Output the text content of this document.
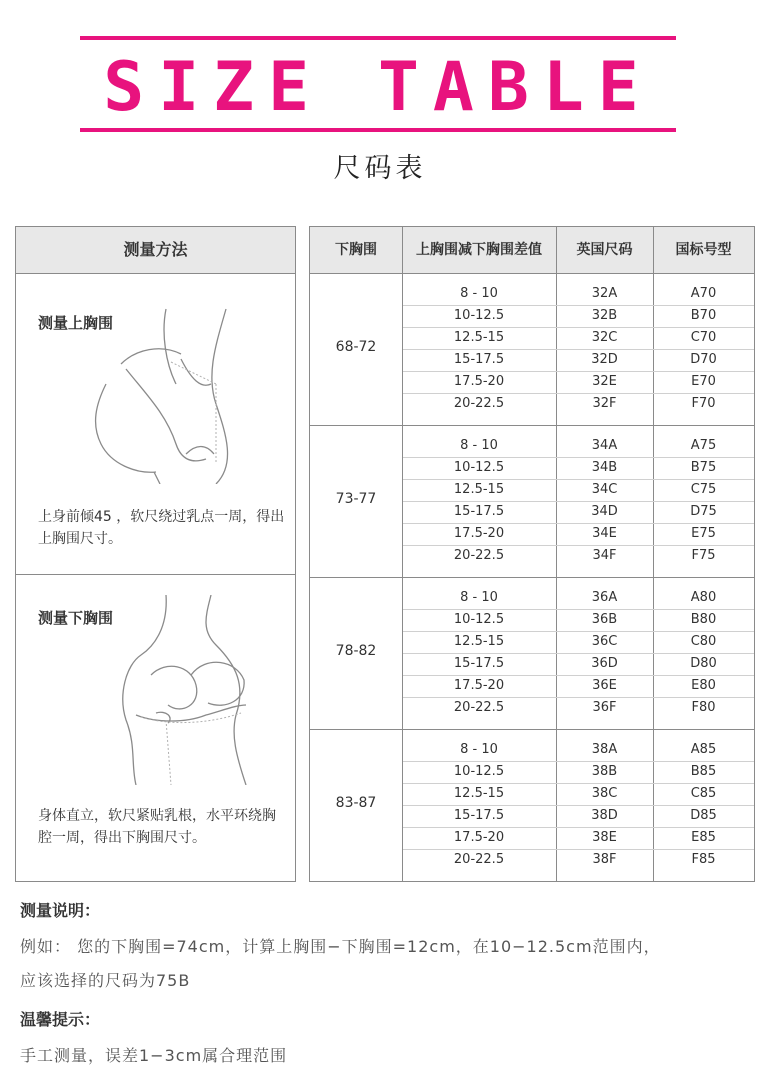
SIZE TABLE
尺码表
测量方法
测量上胸围
上身前倾45 ，软尺绕过乳点一周，得出上胸围尺寸。
测量下胸围
身体直立，软尺紧贴乳根，水平环绕胸腔一周，得出下胸围尺寸。
下胸围	上胸围减下胸围差值	英国尺码	国标号型
68-72
8 - 10	32A	A70
10-12.5	32B	B70
12.5-15	32C	C70
15-17.5	32D	D70
17.5-20	32E	E70
20-22.5	32F	F70
73-77
8 - 10	34A	A75
10-12.5	34B	B75
12.5-15	34C	C75
15-17.5	34D	D75
17.5-20	34E	E75
20-22.5	34F	F75
78-82
8 - 10	36A	A80
10-12.5	36B	B80
12.5-15	36C	C80
15-17.5	36D	D80
17.5-20	36E	E80
20-22.5	36F	F80
83-87
8 - 10	38A	A85
10-12.5	38B	B85
12.5-15	38C	C85
15-17.5	38D	D85
17.5-20	38E	E85
20-22.5	38F	F85
测量说明：
例如： 您的下胸围=74cm，计算上胸围−下胸围=12cm，在10−12.5cm范围内，
应该选择的尺码为75B
温馨提示：
手工测量，误差1−3cm属合理范围
